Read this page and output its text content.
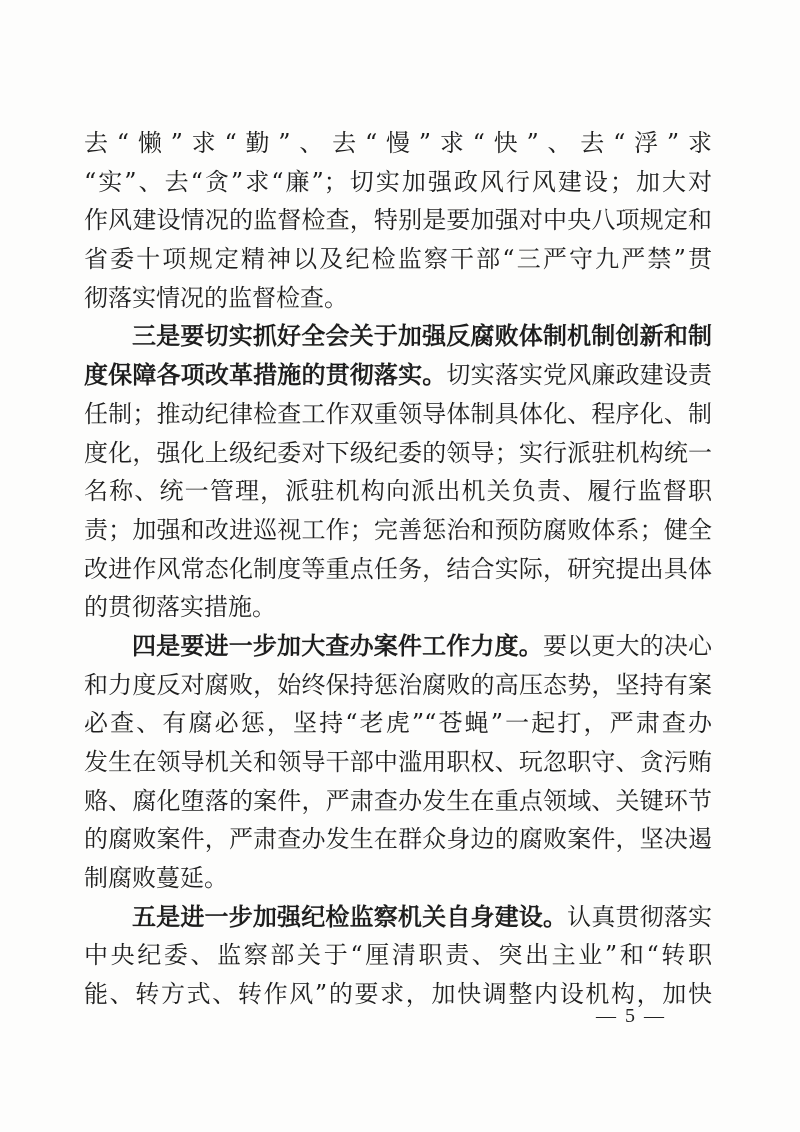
去“懒”求“勤”、去“慢”求“快”、去“浮”求
“实”、去“贪”求“廉”；切实加强政风行风建设；加大对
作风建设情况的监督检查，特别是要加强对中央八项规定和
省委十项规定精神以及纪检监察干部“三严守九严禁”贯
彻落实情况的监督检查。
三是要切实抓好全会关于加强反腐败体制机制创新和制
度保障各项改革措施的贯彻落实。切实落实党风廉政建设责
任制；推动纪律检查工作双重领导体制具体化、程序化、制
度化，强化上级纪委对下级纪委的领导；实行派驻机构统一
名称、统一管理，派驻机构向派出机关负责、履行监督职
责；加强和改进巡视工作；完善惩治和预防腐败体系；健全
改进作风常态化制度等重点任务，结合实际，研究提出具体
的贯彻落实措施。
四是要进一步加大查办案件工作力度。要以更大的决心
和力度反对腐败，始终保持惩治腐败的高压态势，坚持有案
必查、有腐必惩，坚持“老虎”“苍蝇”一起打，严肃查办
发生在领导机关和领导干部中滥用职权、玩忽职守、贪污贿
赂、腐化堕落的案件，严肃查办发生在重点领域、关键环节
的腐败案件，严肃查办发生在群众身边的腐败案件，坚决遏
制腐败蔓延。
五是进一步加强纪检监察机关自身建设。认真贯彻落实
中央纪委、监察部关于“厘清职责、突出主业”和“转职
能、转方式、转作风”的要求，加快调整内设机构，加快
— 5 —
